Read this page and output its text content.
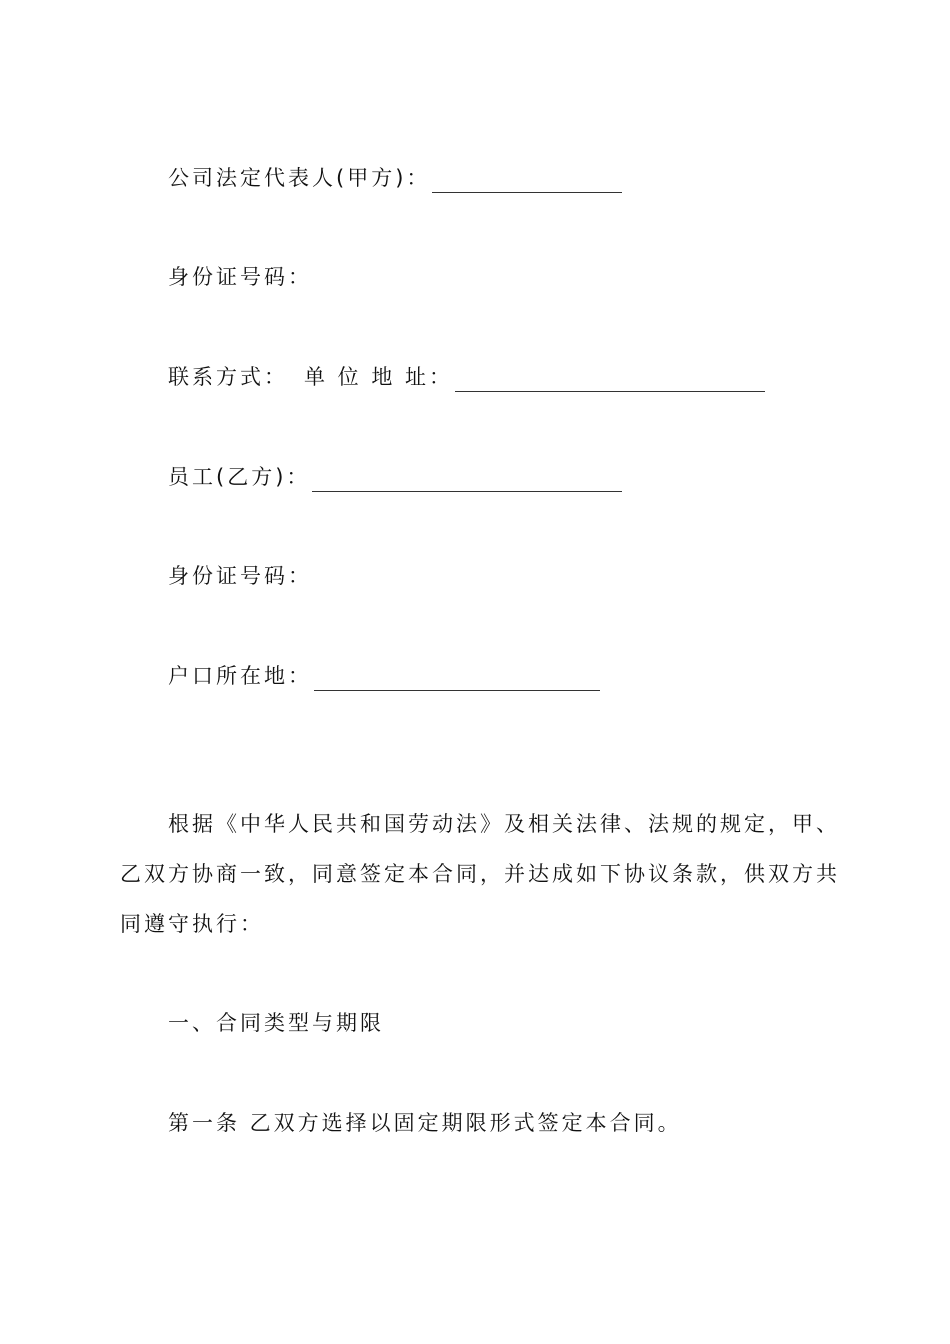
公司法定代表人(甲方)：
身份证号码：
联系方式： 单 位 地 址：
员工(乙方)：
身份证号码：
户口所在地：

根据《中华人民共和国劳动法》及相关法律、法规的规定，甲、乙双方协商一致，同意签定本合同，并达成如下协议条款，供双方共同遵守执行：

一、合同类型与期限
第一条 乙双方选择以固定期限形式签定本合同。
